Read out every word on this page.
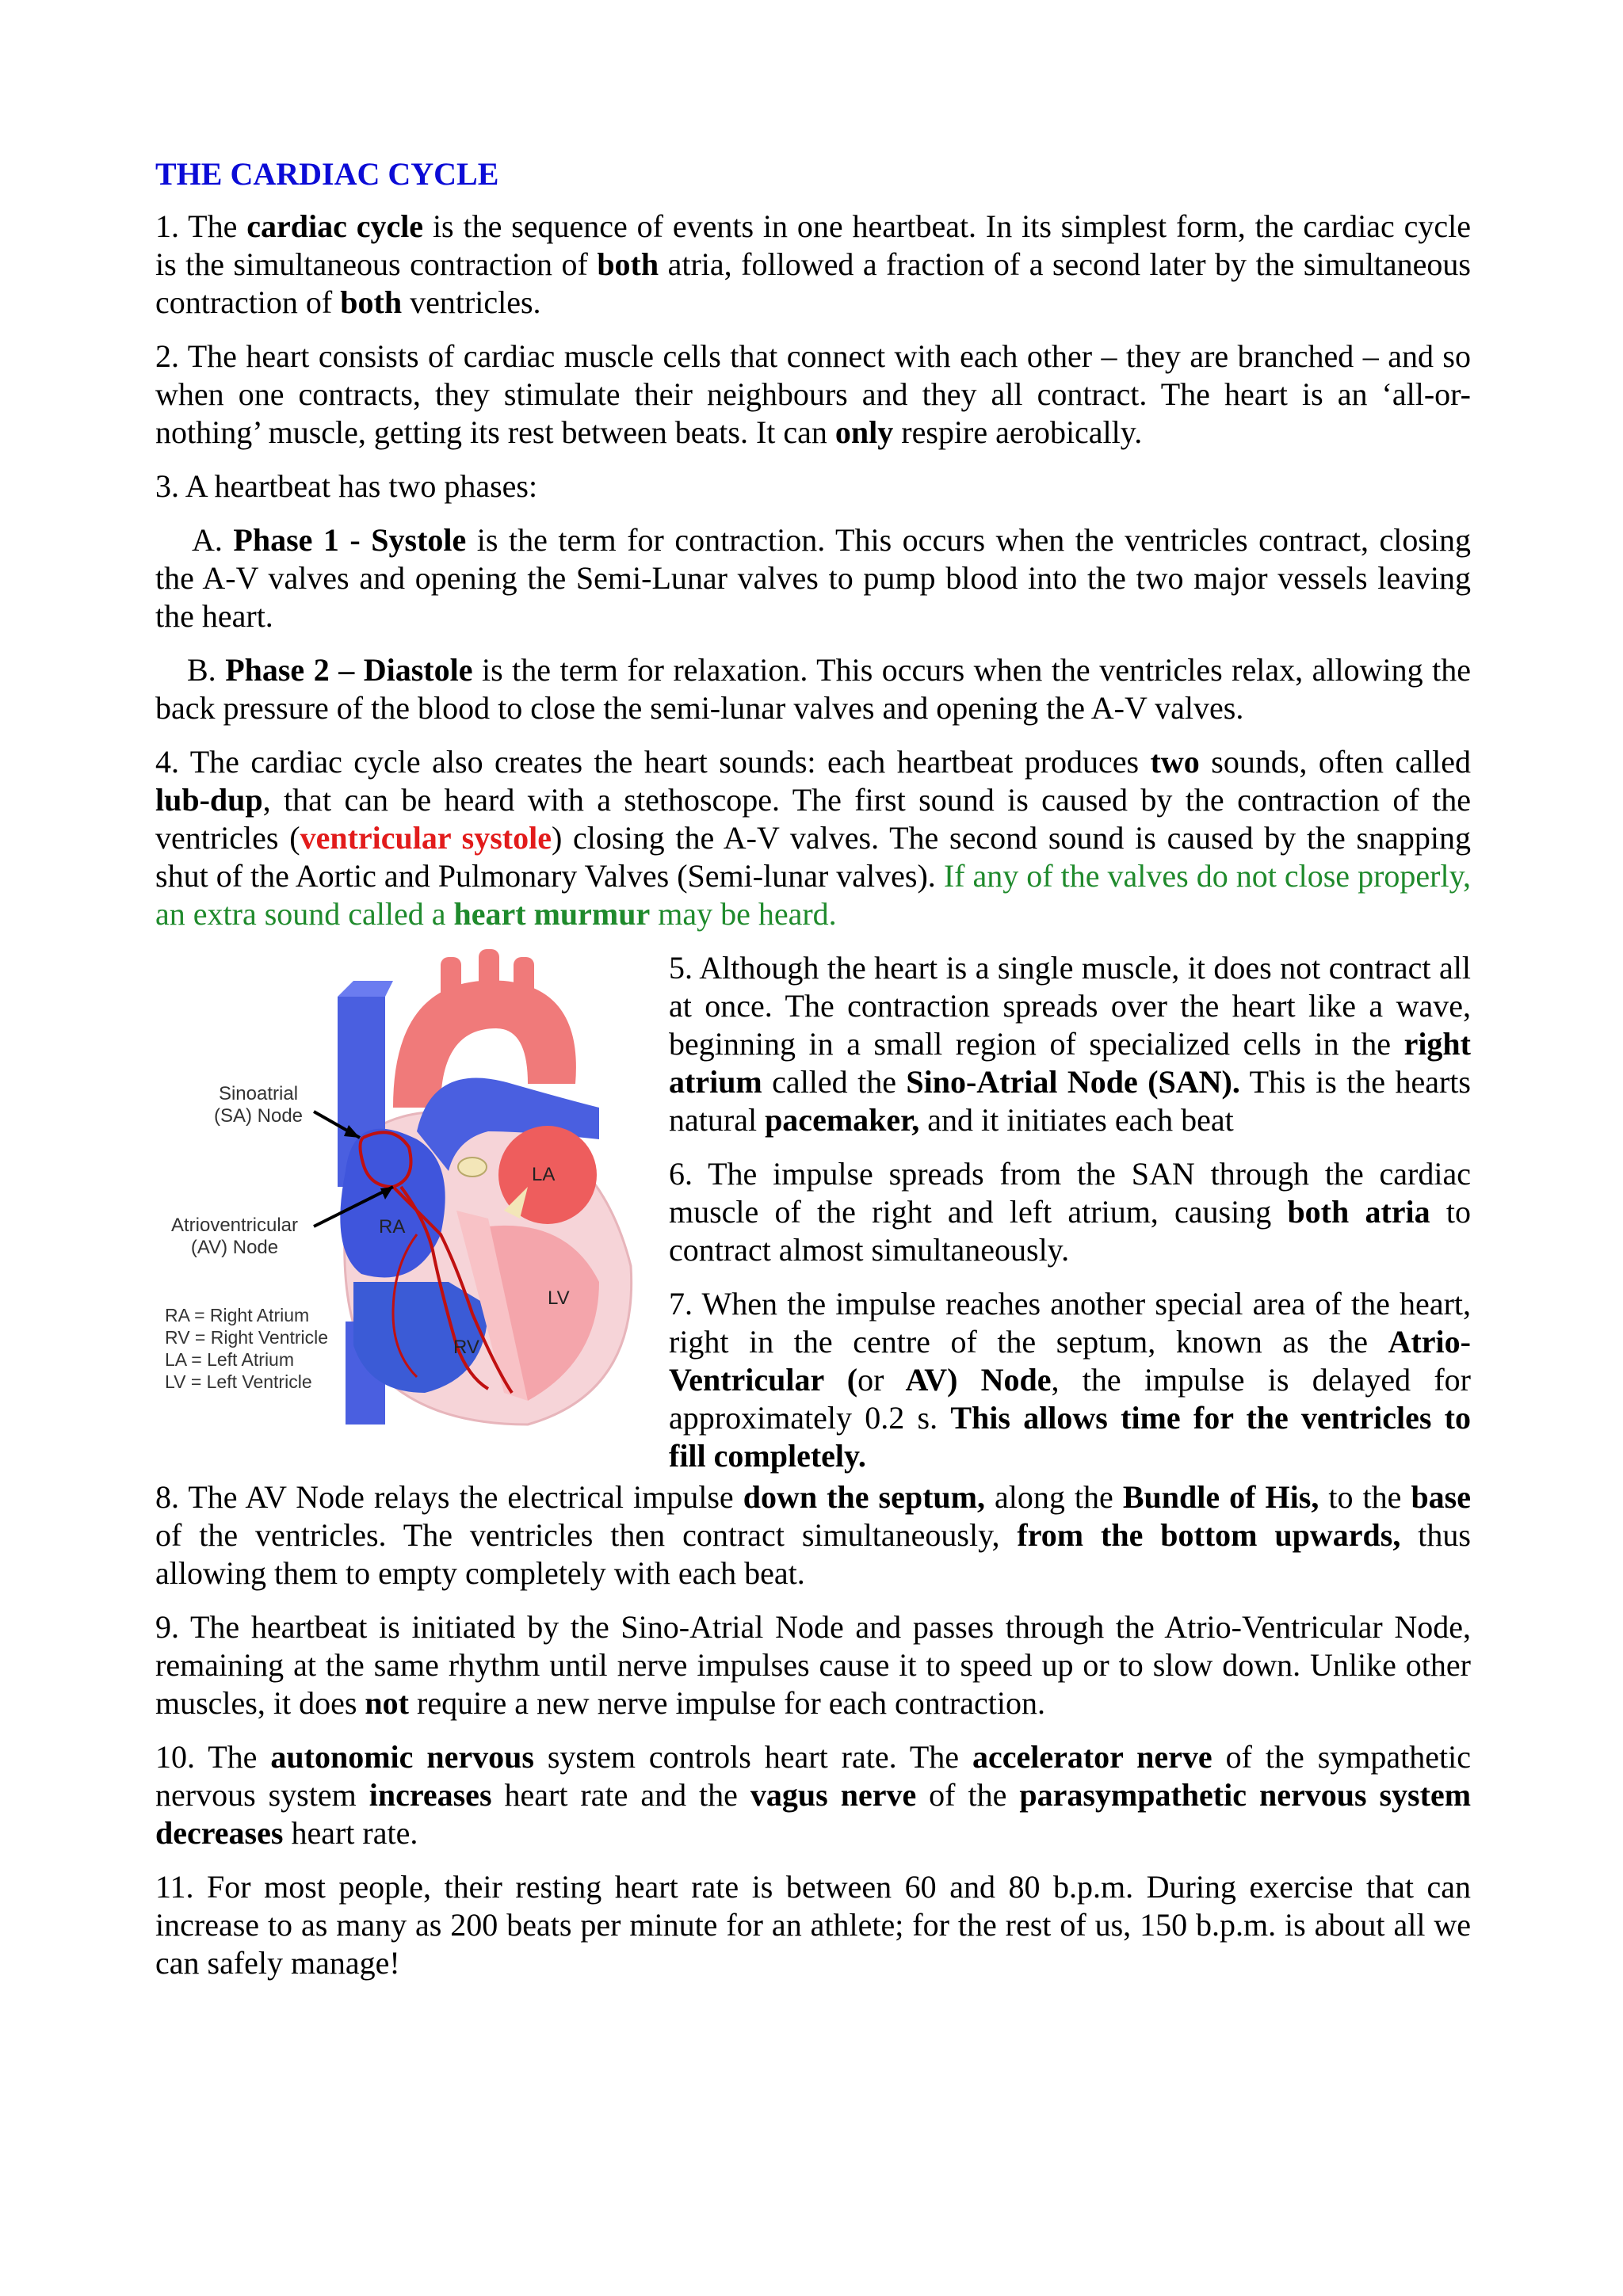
THE CARDIAC CYCLE
1. The cardiac cycle is the sequence of events in one heartbeat. In its simplest form, the cardiac cycle is the simultaneous contraction of both atria, followed a fraction of a second later by the simultaneous contraction of both ventricles.
2. The heart consists of cardiac muscle cells that connect with each other – they are branched – and so when one contracts, they stimulate their neighbours and they all contract. The heart is an ‘all-or-nothing’ muscle, getting its rest between beats. It can only respire aerobically.
3. A heartbeat has two phases:
A. Phase 1 - Systole is the term for contraction. This occurs when the ventricles contract, closing the A-V valves and opening the Semi-Lunar valves to pump blood into the two major vessels leaving the heart.
B. Phase 2 – Diastole is the term for relaxation. This occurs when the ventricles relax, allowing the back pressure of the blood to close the semi-lunar valves and opening the A-V valves.
4. The cardiac cycle also creates the heart sounds: each heartbeat produces two sounds, often called lub-dup, that can be heard with a stethoscope. The first sound is caused by the contraction of the ventricles (ventricular systole) closing the A-V valves. The second sound is caused by the snapping shut of the Aortic and Pulmonary Valves (Semi-lunar valves). If any of the valves do not close properly, an extra sound called a heart murmur may be heard.
Sinoatrial
(SA) Node
Atrioventricular
(AV) Node
RA
RV
LA
LV
RA = Right Atrium
RV = Right Ventricle
LA = Left Atrium
LV = Left Ventricle
5. Although the heart is a single muscle, it does not contract all at once. The contraction spreads over the heart like a wave, beginning in a small region of specialized cells in the right atrium called the Sino-Atrial Node (SAN). This is the hearts natural pacemaker, and it initiates each beat
6. The impulse spreads from the SAN through the cardiac muscle of the right and left atrium, causing both atria to contract almost simultaneously.
7. When the impulse reaches another special area of the heart, right in the centre of the septum, known as the Atrio-Ventricular (or AV) Node, the impulse is delayed for approximately 0.2 s. This allows time for the ventricles to fill completely.
8. The AV Node relays the electrical impulse down the septum, along the Bundle of His, to the base of the ventricles. The ventricles then contract simultaneously, from the bottom upwards, thus allowing them to empty completely with each beat.
9. The heartbeat is initiated by the Sino-Atrial Node and passes through the Atrio-Ventricular Node, remaining at the same rhythm until nerve impulses cause it to speed up or to slow down. Unlike other muscles, it does not require a new nerve impulse for each contraction.
10. The autonomic nervous system controls heart rate. The accelerator nerve of the sympathetic nervous system increases heart rate and the vagus nerve of the parasympathetic nervous system decreases heart rate.
11. For most people, their resting heart rate is between 60 and 80 b.p.m. During exercise that can increase to as many as 200 beats per minute for an athlete; for the rest of us, 150 b.p.m. is about all we can safely manage!
